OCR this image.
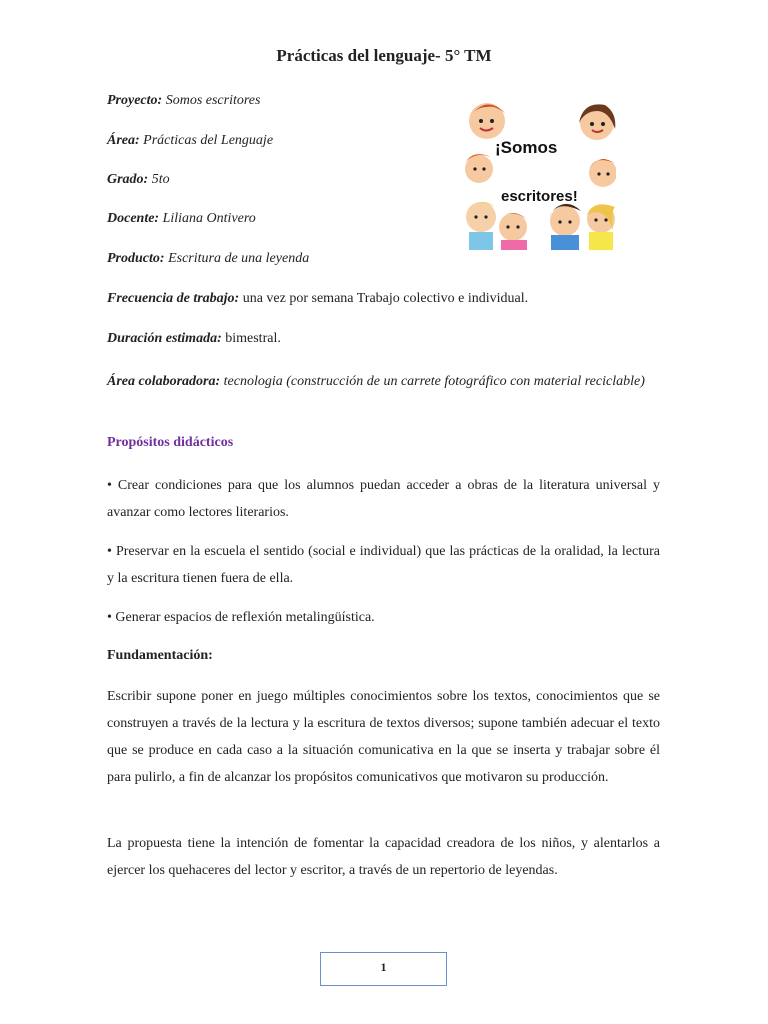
Prácticas del lenguaje- 5° TM
Proyecto: Somos escritores
Área: Prácticas del Lenguaje
Grado: 5to
Docente: Liliana Ontivero
Producto: Escritura de una leyenda
Frecuencia de trabajo: una vez por semana Trabajo colectivo e individual.
Duración estimada: bimestral.
Área colaboradora: tecnologia (construcción de un carrete fotográfico con material reciclable)
¡Somos
escritores!
Propósitos didácticos
• Crear condiciones para que los alumnos puedan acceder a obras de la literatura universal y avanzar como lectores literarios.
• Preservar en la escuela el sentido (social e individual) que las prácticas de la oralidad, la lectura y la escritura tienen fuera de ella.
• Generar espacios de reflexión metalingüística.
Fundamentación:
Escribir supone poner en juego múltiples conocimientos sobre los textos, conocimientos que se construyen a través de la lectura y la escritura de textos diversos; supone también adecuar el texto que se produce en cada caso a la situación comunicativa en la que se inserta y trabajar sobre él para pulirlo, a fin de alcanzar los propósitos comunicativos que motivaron su producción.
La propuesta tiene la intención de fomentar la capacidad creadora de los niños, y alentarlos a ejercer los quehaceres del lector y escritor, a través de un repertorio de leyendas.
1
